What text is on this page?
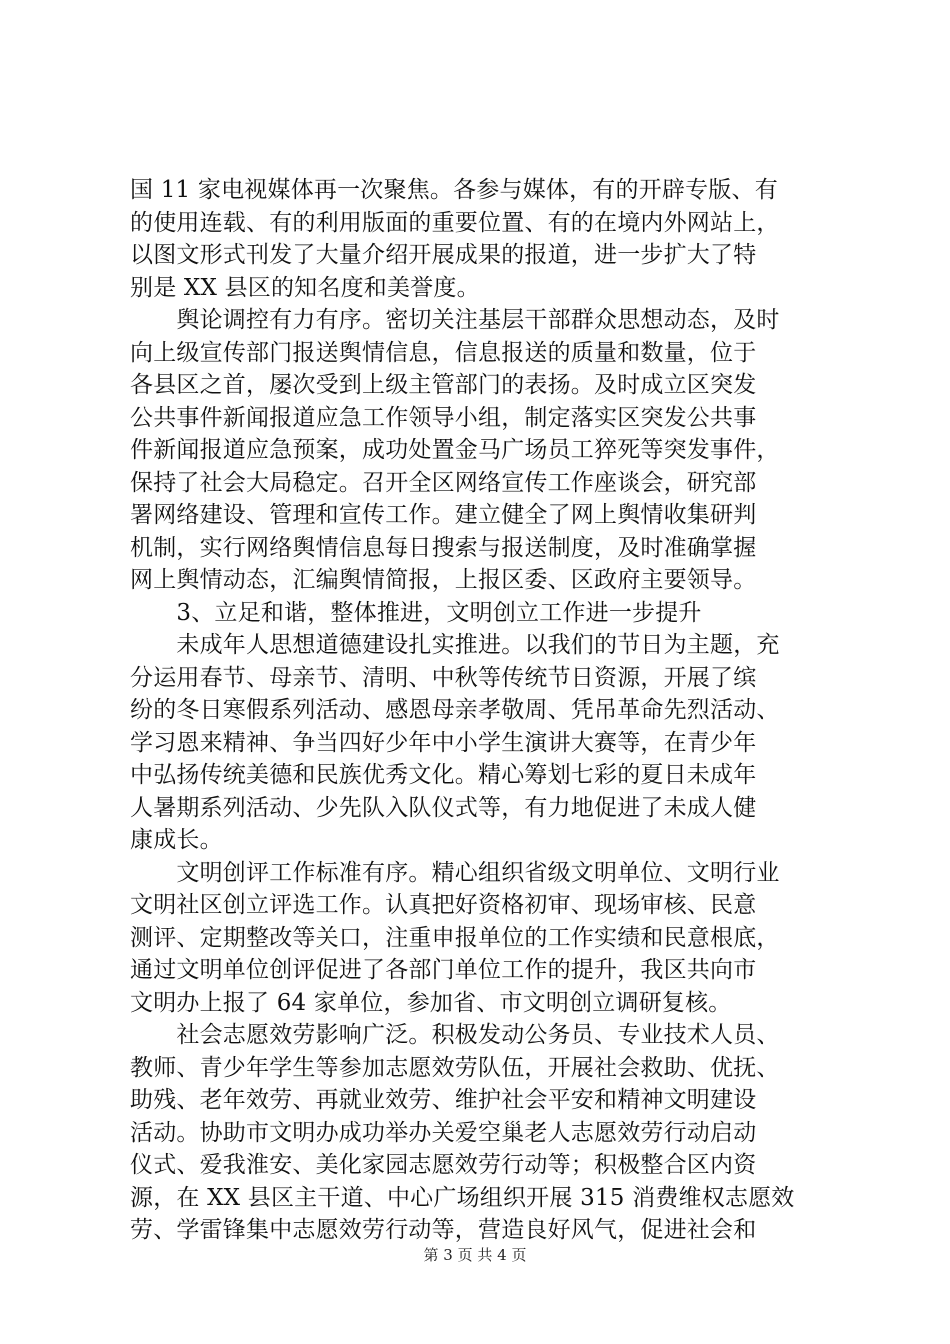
国 11 家电视媒体再一次聚焦。各参与媒体，有的开辟专版、有
的使用连载、有的利用版面的重要位置、有的在境内外网站上，
以图文形式刊发了大量介绍开展成果的报道，进一步扩大了特
别是 XX 县区的知名度和美誉度。
　　舆论调控有力有序。密切关注基层干部群众思想动态，及时
向上级宣传部门报送舆情信息，信息报送的质量和数量，位于
各县区之首，屡次受到上级主管部门的表扬。及时成立区突发
公共事件新闻报道应急工作领导小组，制定落实区突发公共事
件新闻报道应急预案，成功处置金马广场员工猝死等突发事件，
保持了社会大局稳定。召开全区网络宣传工作座谈会，研究部
署网络建设、管理和宣传工作。建立健全了网上舆情收集研判
机制，实行网络舆情信息每日搜索与报送制度，及时准确掌握
网上舆情动态，汇编舆情简报，上报区委、区政府主要领导。
　　3、立足和谐，整体推进，文明创立工作进一步提升
　　未成年人思想道德建设扎实推进。以我们的节日为主题，充
分运用春节、母亲节、清明、中秋等传统节日资源，开展了缤
纷的冬日寒假系列活动、感恩母亲孝敬周、凭吊革命先烈活动、
学习恩来精神、争当四好少年中小学生演讲大赛等，在青少年
中弘扬传统美德和民族优秀文化。精心筹划七彩的夏日未成年
人暑期系列活动、少先队入队仪式等，有力地促进了未成人健
康成长。
　　文明创评工作标准有序。精心组织省级文明单位、文明行业
文明社区创立评选工作。认真把好资格初审、现场审核、民意
测评、定期整改等关口，注重申报单位的工作实绩和民意根底，
通过文明单位创评促进了各部门单位工作的提升，我区共向市
文明办上报了 64 家单位，参加省、市文明创立调研复核。
　　社会志愿效劳影响广泛。积极发动公务员、专业技术人员、
教师、青少年学生等参加志愿效劳队伍，开展社会救助、优抚、
助残、老年效劳、再就业效劳、维护社会平安和精神文明建设
活动。协助市文明办成功举办关爱空巢老人志愿效劳行动启动
仪式、爱我淮安、美化家园志愿效劳行动等；积极整合区内资
源，在 XX 县区主干道、中心广场组织开展 315 消费维权志愿效
劳、学雷锋集中志愿效劳行动等，营造良好风气，促进社会和
第 3 页 共 4 页
